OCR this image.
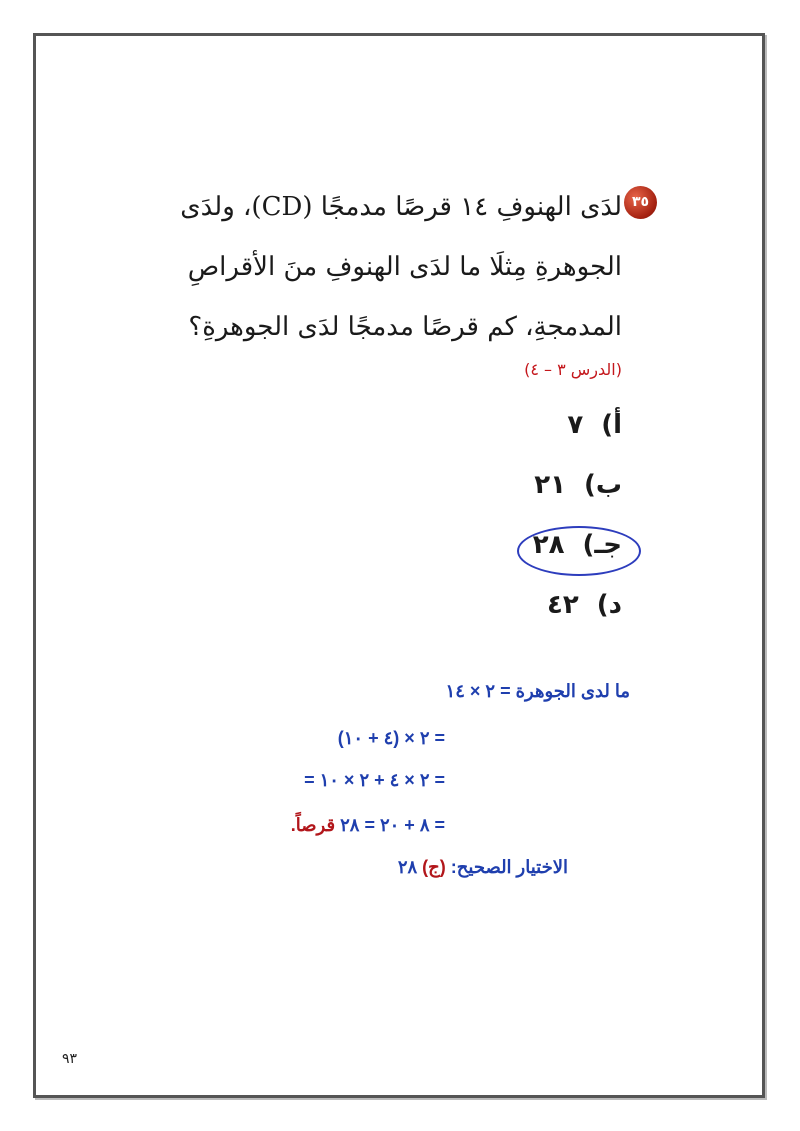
٣٥
لدَى الهنوفِ ١٤ قرصًا مدمجًا (CD)، ولدَى
الجوهرةِ مِثلَا ما لدَى الهنوفِ منَ الأقراصِ
المدمجةِ، كم قرصًا مدمجًا لدَى الجوهرةِ؟
(الدرس ٣ – ٤)
أ)٧
ب)٢١
جـ)٢٨
د)٤٢
ما لدى الجوهرة = ٢ × ١٤
= ٢ × (٤ + ١٠)
= ٢ × ٤ + ٢ × ١٠ =
= ٨ + ٢٠ = ٢٨ قرصاً.
الاختيار الصحيح: (ج) ٢٨
٩٣
